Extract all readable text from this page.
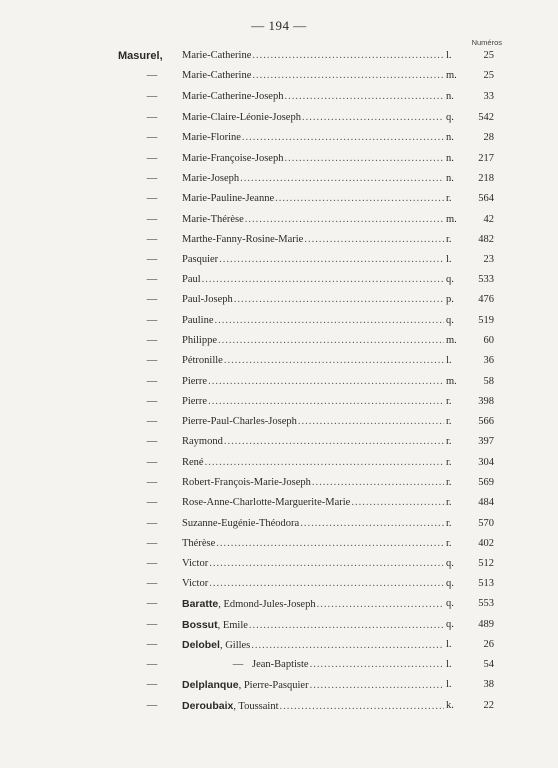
— 194 —
Numéros
Masurel, Marie-Catherine .....	l.	25
— Marie-Catherine .....	m.	25
— Marie-Catherine-Joseph .....	n.	33
— Marie-Claire-Léonie-Joseph .....	q.	542
— Marie-Florine .....	n.	28
— Marie-Françoise-Joseph .....	n.	217
— Marie-Joseph .....	n.	218
— Marie-Pauline-Jeanne .....	r.	564
— Marie-Thérèse .....	m.	42
— Marthe-Fanny-Rosine-Marie .....	r.	482
— Pasquier .....	l.	23
— Paul .....	q.	533
— Paul-Joseph .....	p.	476
— Pauline .....	q.	519
— Philippe .....	m.	60
— Pétronille .....	l.	36
— Pierre .....	m.	58
— Pierre .....	r.	398
— Pierre-Paul-Charles-Joseph .....	r.	566
— Raymond .....	r.	397
— René .....	r.	304
— Robert-François-Marie-Joseph .....	r.	569
— Rose-Anne-Charlotte-Marguerite-Marie .....	r.	484
— Suzanne-Eugénie-Théodora .....	r.	570
— Thérèse .....	r.	402
— Victor .....	q.	512
— Victor .....	q.	513
— Baratte , Edmond-Jules-Joseph .....	q.	553
— Bossut , Emile .....	q.	489
— Delobel , Gilles .....	l.	26
—	— Jean-Baptiste .....	l.	54
— Delplanque , Pierre-Pasquier .....	l.	38
— Deroubaix , Toussaint .....	k.	22
